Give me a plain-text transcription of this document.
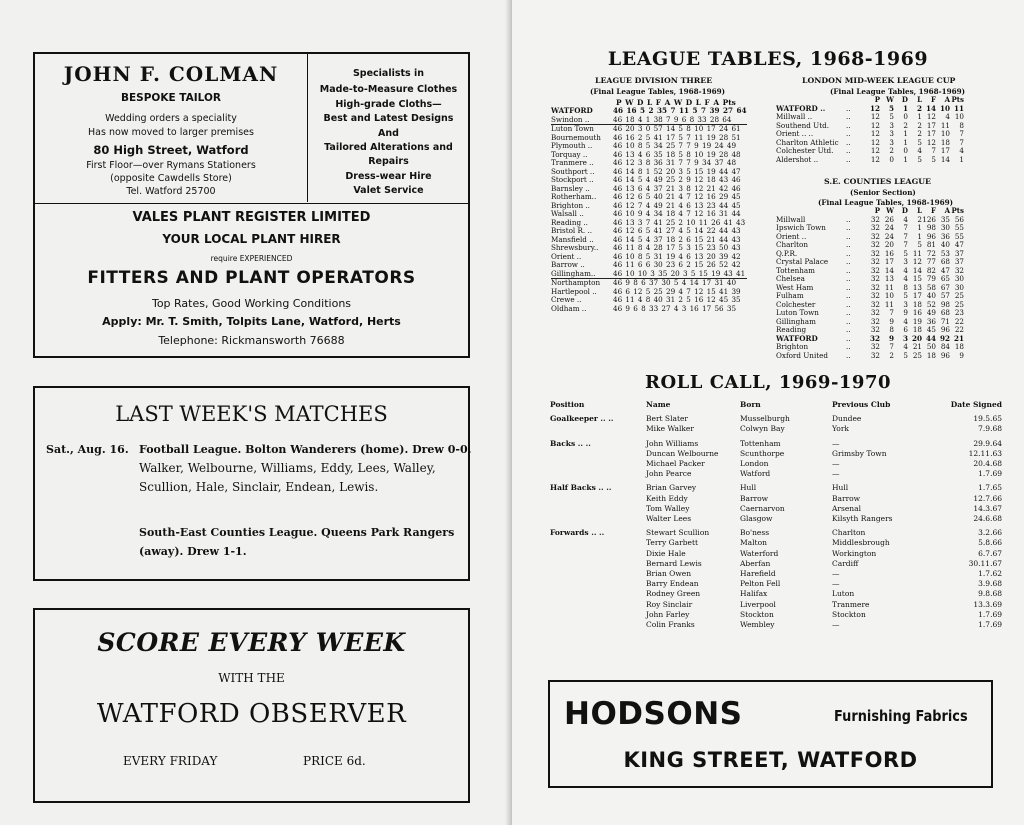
JOHN F. COLMAN
BESPOKE TAILOR
Wedding orders a speciality
Has now moved to larger premises
80 High Street, Watford
First Floor—over Rymans Stationers
(opposite Cawdells Store)
Tel. Watford 25700
Specialists in
Made-to-Measure Clothes
High-grade Cloths—
Best and Latest Designs
And
Tailored Alterations and
Repairs
Dress-wear Hire
Valet Service
VALES PLANT REGISTER LIMITED
YOUR LOCAL PLANT HIRER
require EXPERIENCED
FITTERS AND PLANT OPERATORS
Top Rates, Good Working Conditions
Apply: Mr. T. Smith, Tolpits Lane, Watford, Herts
Telephone: Rickmansworth 76688
LAST WEEK'S MATCHES
Sat., Aug. 16. Football League. Bolton Wanderers (home). Drew 0-0.
Walker, Welbourne, Williams, Eddy, Lees, Walley,
Scullion, Hale, Sinclair, Endean, Lewis.
South-East Counties League. Queens Park Rangers
(away). Drew 1-1.
SCORE EVERY WEEK
WITH THE
WATFORD OBSERVER
EVERY FRIDAY	PRICE 6d.
LEAGUE TABLES, 1968-1969
LEAGUE DIVISION THREE
(Final League Tables, 1968-1969)
P W D L F A W D L F A Pts
WATFORD	46 16 5 2 35 7 11 5 7 39 27 64
Swindon ..	46 18 4 1 38 7 9 6 8 33 28 64
Luton Town	46 20 3 0 57 14 5 8 10 17 24 61
Bournemouth	46 16 2 5 41 17 5 7 11 19 28 51
Plymouth ..	46 10 8 5 34 25 7 7 9 19 24 49
Torquay ..	46 13 4 6 35 18 5 8 10 19 28 48
Tranmere ..	46 12 3 8 36 31 7 7 9 34 37 48
Southport ..	46 14 8 1 52 20 3 5 15 19 44 47
Stockport ..	46 14 5 4 49 25 2 9 12 18 43 46
Barnsley ..	46 13 6 4 37 21 3 8 12 21 42 46
Rotherham..	46 12 6 5 40 21 4 7 12 16 29 45
Brighton ..	46 12 7 4 49 21 4 6 13 23 44 45
Walsall ..	46 10 9 4 34 18 4 7 12 16 31 44
Reading ..	46 13 3 7 41 25 2 10 11 26 41 43
Bristol R. ..	46 12 6 5 41 27 4 5 14 22 44 43
Mansfield ..	46 14 5 4 37 18 2 6 15 21 44 43
Shrewsbury..	46 11 8 4 28 17 5 3 15 23 50 43
Orient ..	46 10 8 5 31 19 4 6 13 20 39 42
Barrow ..	46 11 6 6 30 23 6 2 15 26 52 42
Gillingham..	46 10 10 3 35 20 3 5 15 19 43 41
Northampton	46 9 8 6 37 30 5 4 14 17 31 40
Hartlepool ..	46 6 12 5 25 29 4 7 12 15 41 39
Crewe ..	46 11 4 8 40 31 2 5 16 12 45 35
Oldham ..	46 9 6 8 33 27 4 3 16 17 56 35
LONDON MID-WEEK LEAGUE CUP
(Final League Tables, 1968-1969)
		P	W	D	L	F	A	Pts
WATFORD ..	..	12	5	1	2	14	10	11
Millwall ..	..	12	5	0	1	12	4	10
Southend Utd.	..	12	3	2	2	17	11	8
Orient .. ..	..	12	3	1	2	17	10	7
Charlton Athletic	..	12	3	1	5	12	18	7
Colchester Utd.	..	12	2	0	4	7	17	4
Aldershot ..	..	12	0	1	5	5	14	1
S.E. COUNTIES LEAGUE
(Senior Section)
(Final League Tables, 1968-1969)
		P	W	D	L	F	A	Pts
Millwall	..	32	26	4	2	126	35	56
Ipswich Town	..	32	24	7	1	98	30	55
Orient ..	..	32	24	7	1	96	36	55
Charlton	..	32	20	7	5	81	40	47
Q.P.R.	..	32	16	5	11	72	53	37
Crystal Palace	..	32	17	3	12	77	68	37
Tottenham	..	32	14	4	14	82	47	32
Chelsea	..	32	13	4	15	79	65	30
West Ham	..	32	11	8	13	58	67	30
Fulham	..	32	10	5	17	40	57	25
Colchester	..	32	11	3	18	52	98	25
Luton Town	..	32	7	9	16	49	68	23
Gillingham	..	32	9	4	19	36	71	22
Reading	..	32	8	6	18	45	96	22
WATFORD	..	32	9	3	20	44	92	21
Brighton	..	32	7	4	21	50	84	18
Oxford United	..	32	2	5	25	18	96	9
ROLL CALL, 1969-1970
Position	Name	Born	Previous Club	Date Signed

Goalkeeper .. ..	Bert Slater	Musselburgh	Dundee	19.5.65
	Mike Walker	Colwyn Bay	York	7.9.68

Backs .. ..	John Williams	Tottenham	—	29.9.64
	Duncan Welbourne	Scunthorpe	Grimsby Town	12.11.63
	Michael Packer	London	—	20.4.68
	John Pearce	Watford	—	1.7.69

Half Backs .. ..	Brian Garvey	Hull	Hull	1.7.65
	Keith Eddy	Barrow	Barrow	12.7.66
	Tom Walley	Caernarvon	Arsenal	14.3.67
	Walter Lees	Glasgow	Kilsyth Rangers	24.6.68

Forwards .. ..	Stewart Scullion	Bo'ness	Charlton	3.2.66
	Terry Garbett	Malton	Middlesbrough	5.8.66
	Dixie Hale	Waterford	Workington	6.7.67
	Bernard Lewis	Aberfan	Cardiff	30.11.67
	Brian Owen	Harefield	—	1.7.62
	Barry Endean	Pelton Fell	—	3.9.68
	Rodney Green	Halifax	Luton	9.8.68
	Roy Sinclair	Liverpool	Tranmere	13.3.69
	John Farley	Stockton	Stockton	1.7.69
	Colin Franks	Wembley	—	1.7.69
HODSONS	Furnishing Fabrics
KING STREET, WATFORD
